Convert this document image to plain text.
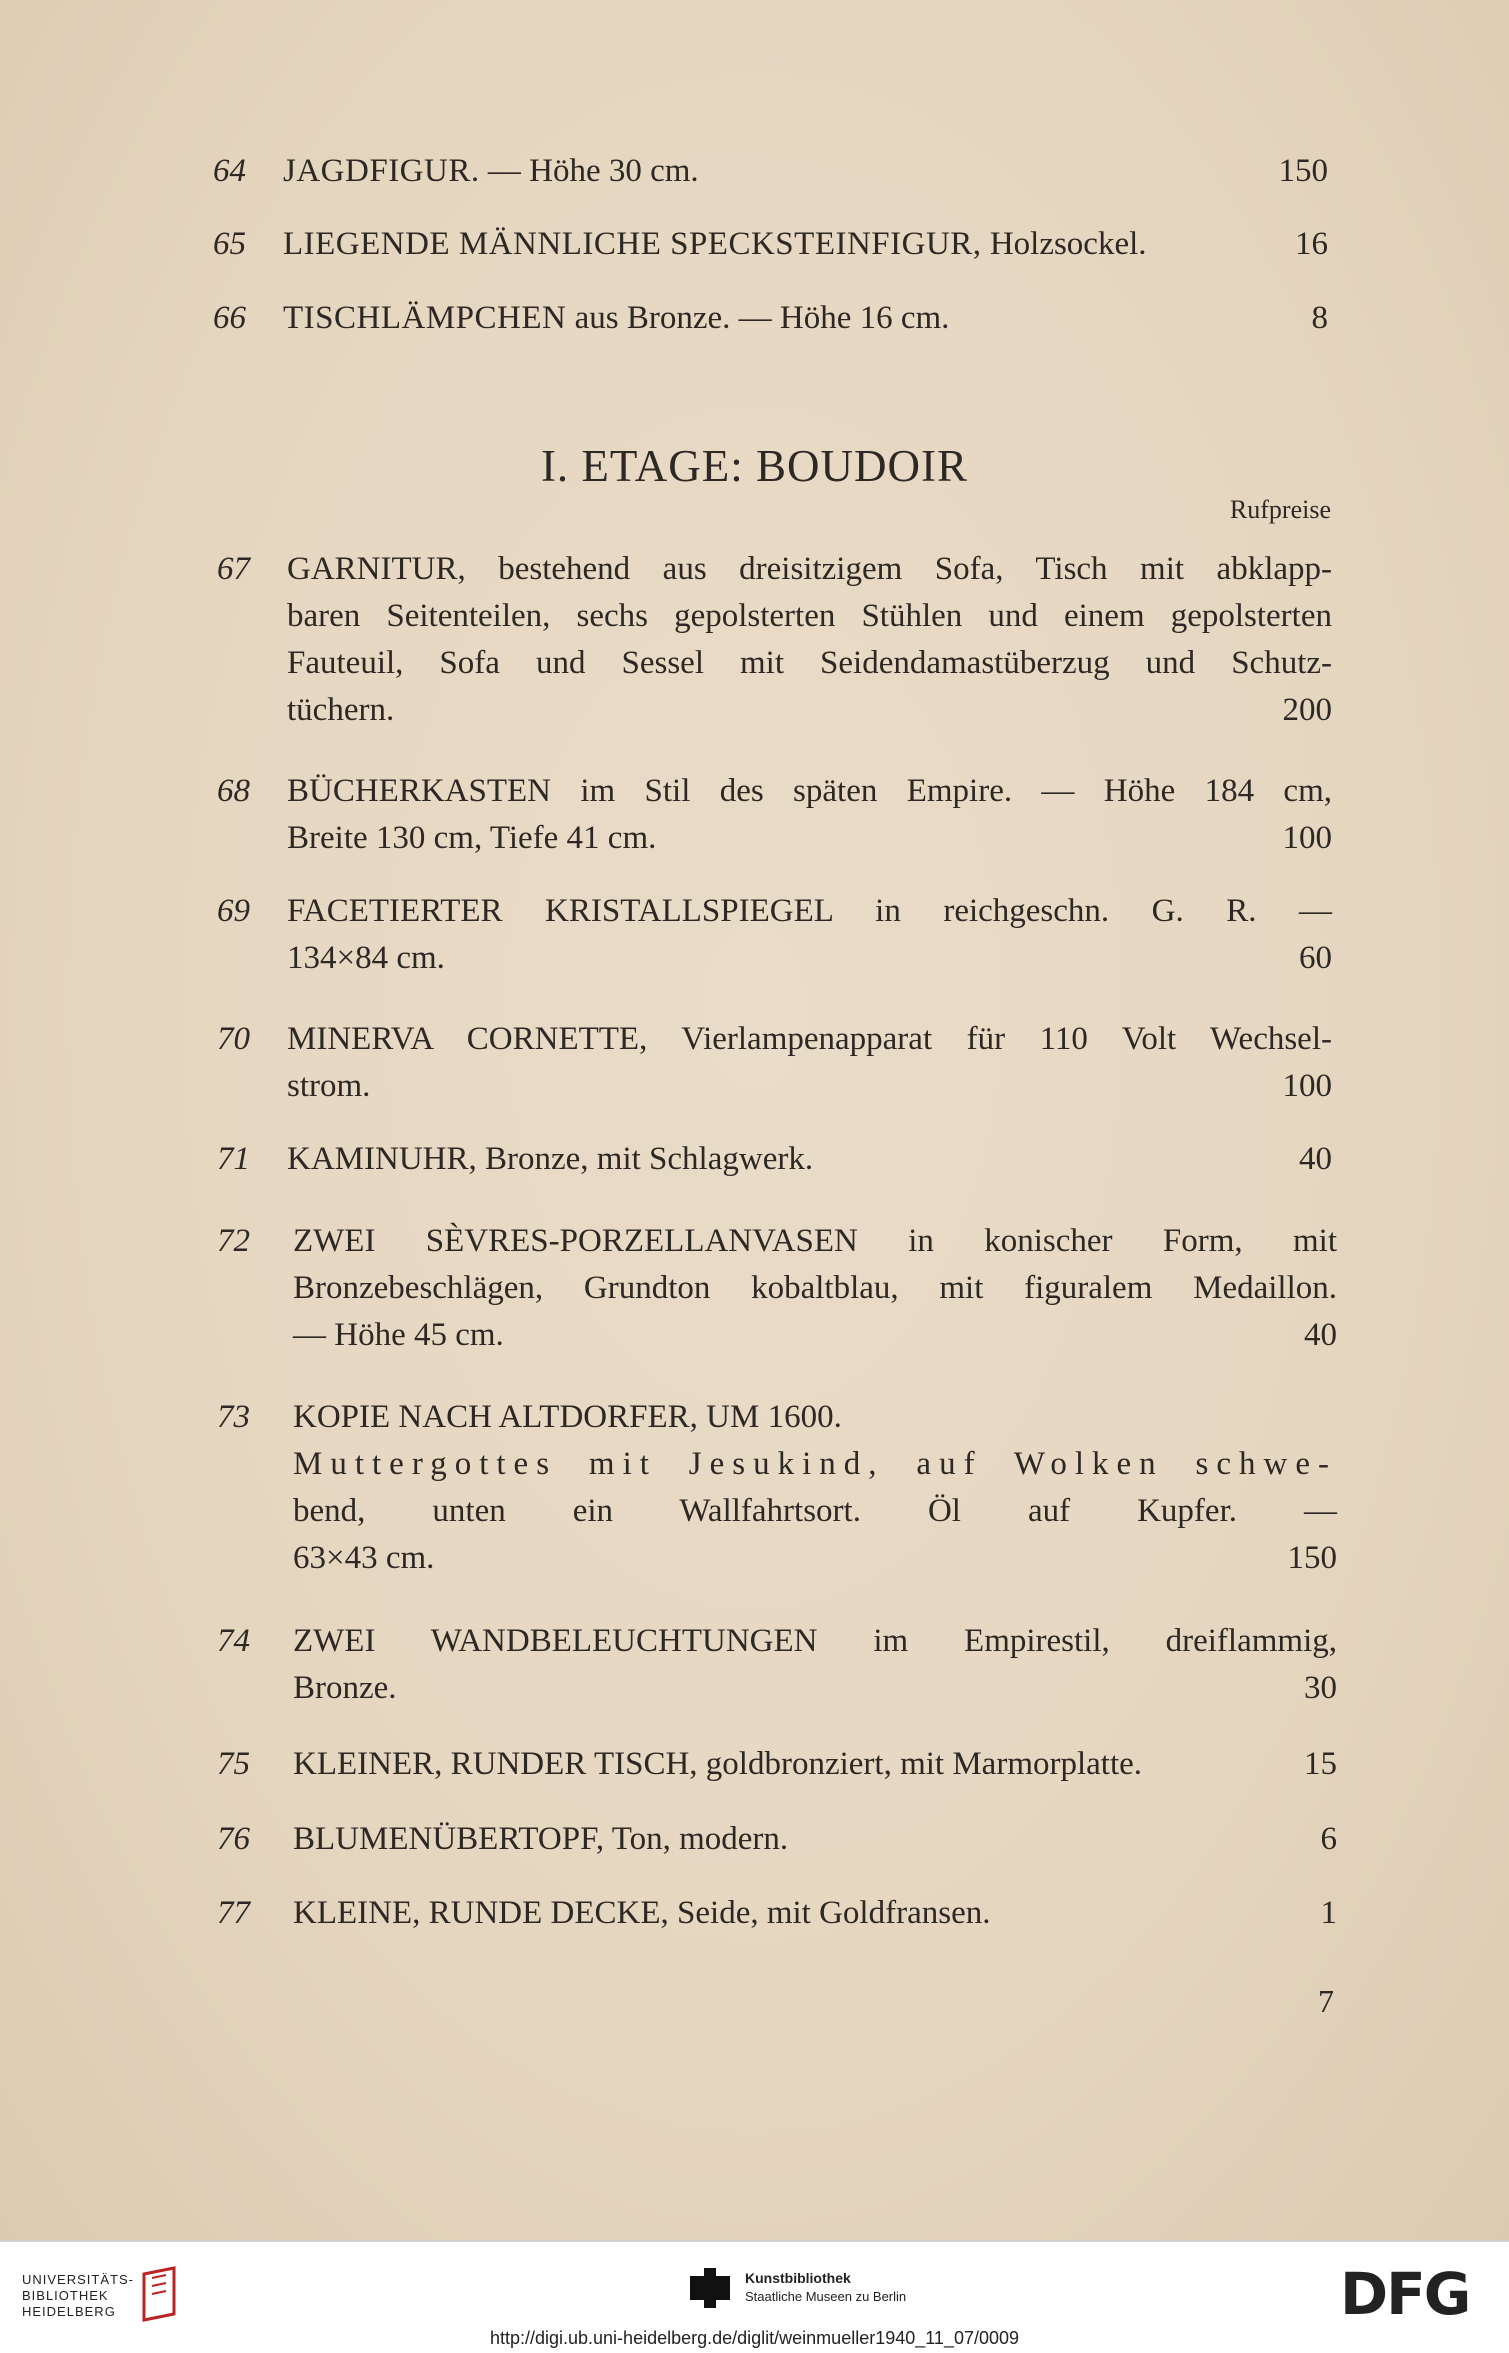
64	JAGDFIGUR. — Höhe 30 cm.	150
65	LIEGENDE MÄNNLICHE SPECKSTEINFIGUR, Holzsockel.	16
66	TISCHLÄMPCHEN aus Bronze. — Höhe 16 cm.	8
I. ETAGE: BOUDOIR
Rufpreise
67	GARNITUR, bestehend aus dreisitzigem Sofa, Tisch mit abklapp-
baren Seitenteilen, sechs gepolsterten Stühlen und einem gepolsterten
Fauteuil, Sofa und Sessel mit Seidendamastüberzug und Schutz-
tüchern.	200
68	BÜCHERKASTEN im Stil des späten Empire. — Höhe 184 cm,
Breite 130 cm, Tiefe 41 cm.	100
69	FACETIERTER KRISTALLSPIEGEL in reichgeschn. G. R. —
134×84 cm.	60
70	MINERVA CORNETTE, Vierlampenapparat für 110 Volt Wechsel-
strom.	100
71	KAMINUHR, Bronze, mit Schlagwerk.	40
72	ZWEI SÈVRES-PORZELLANVASEN in konischer Form, mit
Bronzebeschlägen, Grundton kobaltblau, mit figuralem Medaillon.
— Höhe 45 cm.	40
73	KOPIE NACH ALTDORFER, UM 1600.
Muttergottes mit Jesukind, auf Wolken schwe-
bend, unten ein Wallfahrtsort. Öl auf Kupfer. —
63×43 cm.	150
74	ZWEI WANDBELEUCHTUNGEN im Empirestil, dreiflammig,
Bronze.	30
75	KLEINER, RUNDER TISCH, goldbronziert, mit Marmorplatte.	15
76	BLUMENÜBERTOPF, Ton, modern.	6
77	KLEINE, RUNDE DECKE, Seide, mit Goldfransen.	1
7
UNIVERSITÄTS-
BIBLIOTHEK
HEIDELBERG
Kunstbibliothek
Staatliche Museen zu Berlin	DFG
http://digi.ub.uni-heidelberg.de/diglit/weinmueller1940_11_07/0009
